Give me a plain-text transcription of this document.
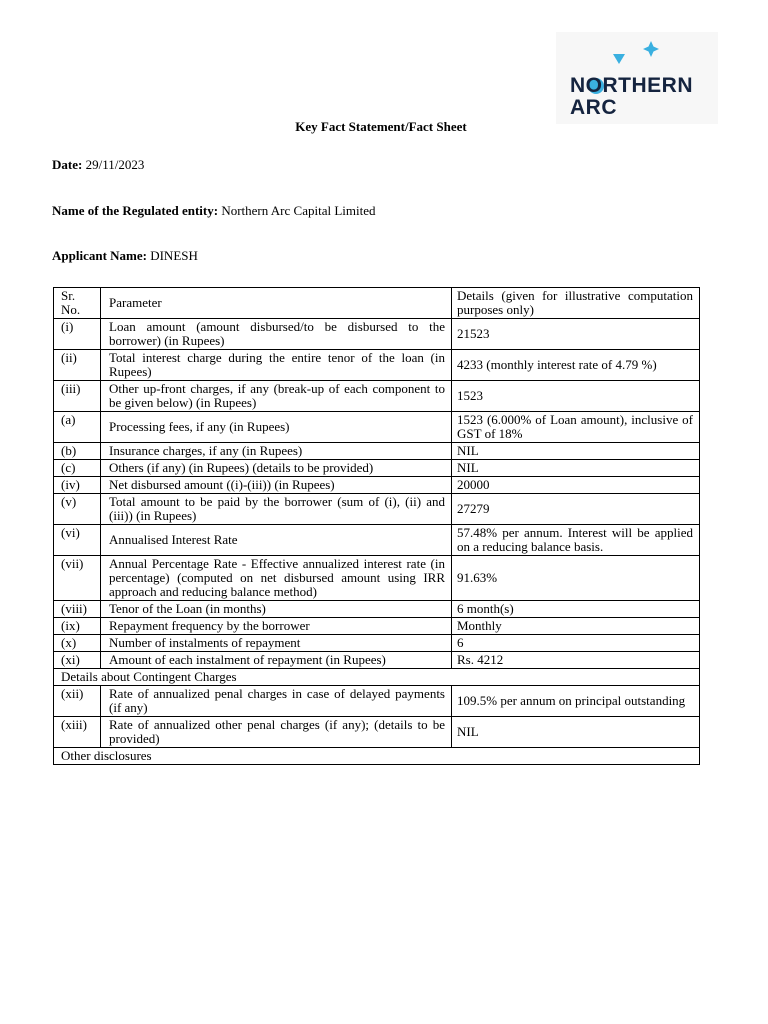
NORTHERN
ARC
Key Fact Statement/Fact Sheet
Date: 29/11/2023
Name of the Regulated entity: Northern Arc Capital Limited
Applicant Name: DINESH
Sr. No.	Parameter	Details (given for illustrative computation purposes only)
(i)	Loan amount (amount disbursed/to be disbursed to the borrower) (in Rupees)	21523
(ii)	Total interest charge during the entire tenor of the loan (in Rupees)	4233 (monthly interest rate of 4.79 %)
(iii)	Other up-front charges, if any (break-up of each component to be given below) (in Rupees)	1523
(a)	Processing fees, if any (in Rupees)	1523 (6.000% of Loan amount), inclusive of GST of 18%
(b)	Insurance charges, if any (in Rupees)	NIL
(c)	Others (if any) (in Rupees) (details to be provided)	NIL
(iv)	Net disbursed amount ((i)-(iii)) (in Rupees)	20000
(v)	Total amount to be paid by the borrower (sum of (i), (ii) and (iii)) (in Rupees)	27279
(vi)	Annualised Interest Rate	57.48% per annum. Interest will be applied on a reducing balance basis.
(vii)	Annual Percentage Rate - Effective annualized interest rate (in percentage) (computed on net disbursed amount using IRR approach and reducing balance method)	91.63%
(viii)	Tenor of the Loan (in months)	6 month(s)
(ix)	Repayment frequency by the borrower	Monthly
(x)	Number of instalments of repayment	6
(xi)	Amount of each instalment of repayment (in Rupees)	Rs. 4212
Details about Contingent Charges		
(xii)	Rate of annualized penal charges in case of delayed payments (if any)	109.5% per annum on principal outstanding
(xiii)	Rate of annualized other penal charges (if any); (details to be provided)	NIL
Other disclosures		
